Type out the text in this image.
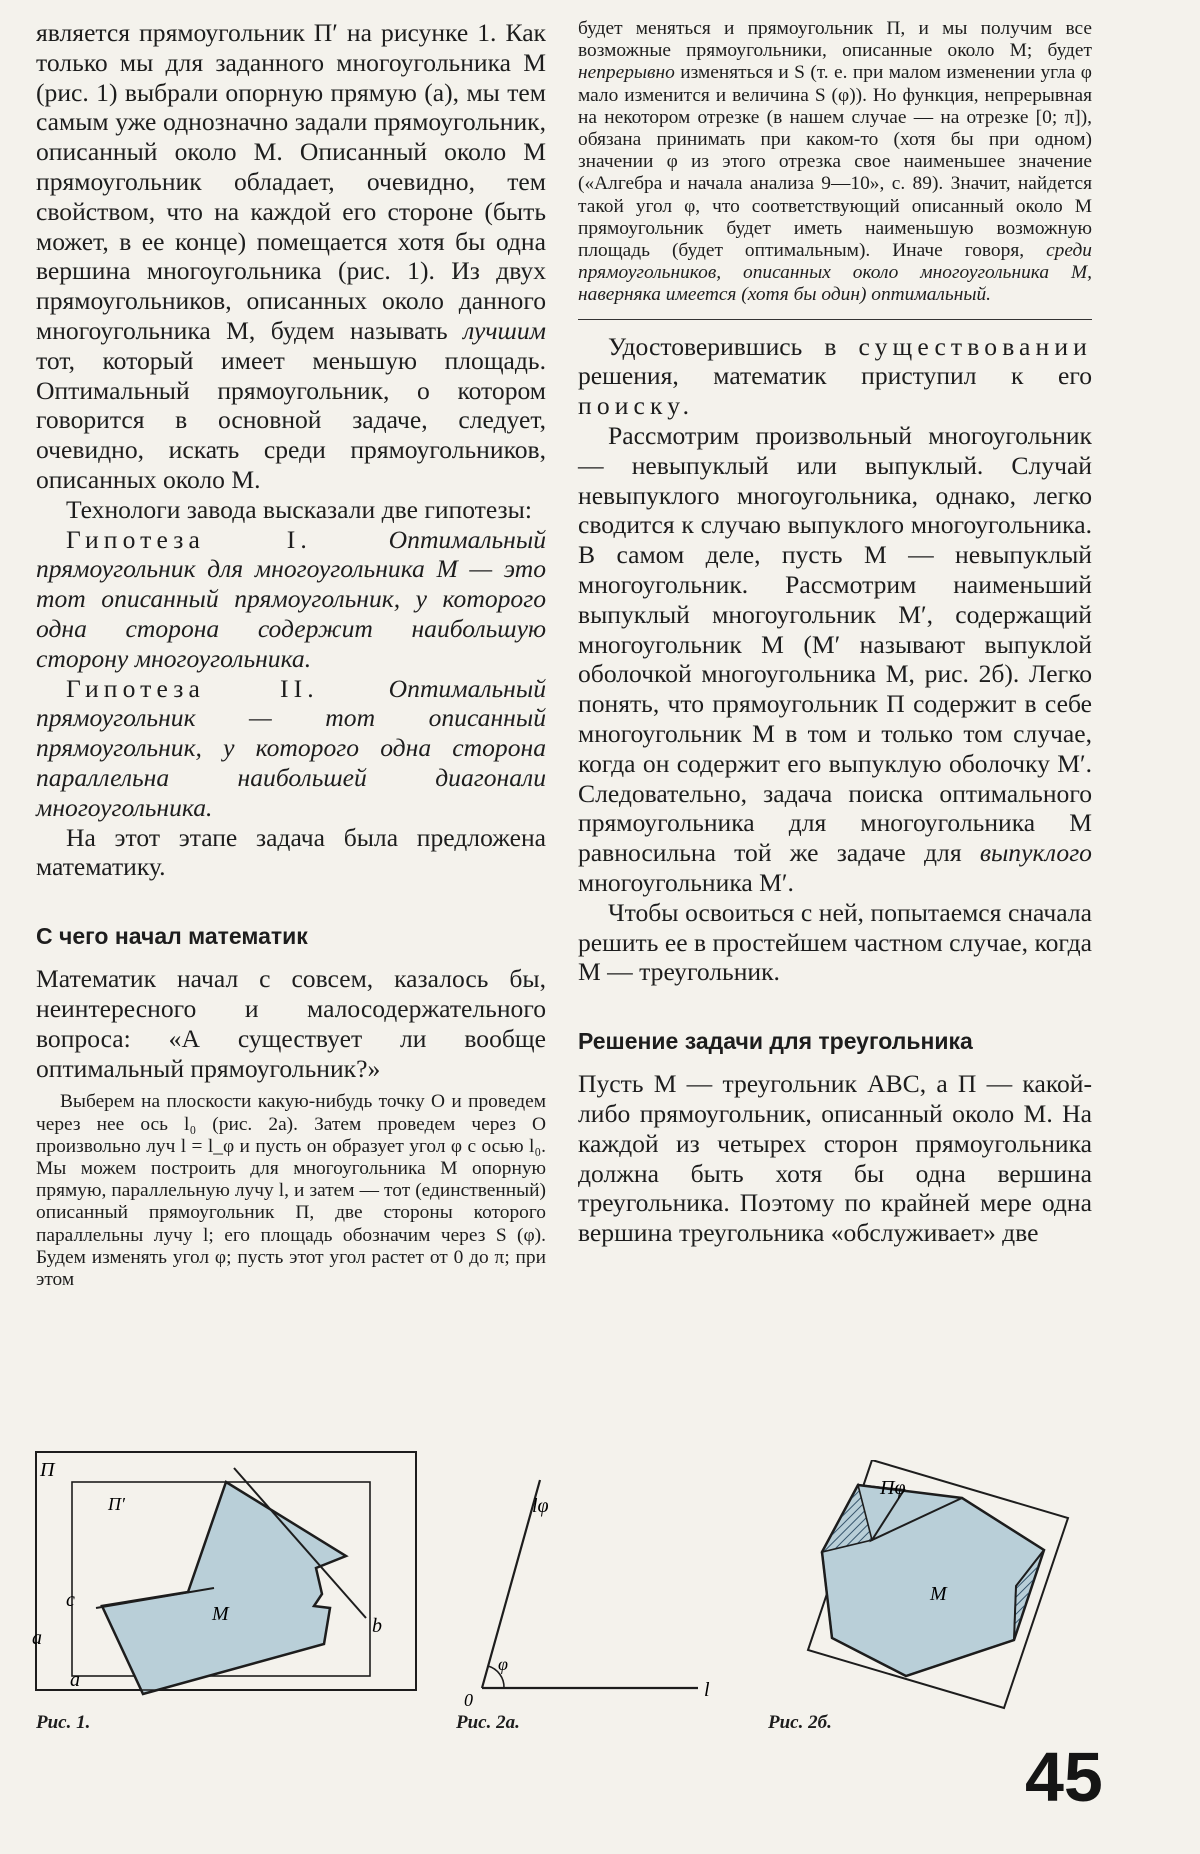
является прямоугольник П′ на рисунке 1. Как только мы для заданного многоугольника M (рис. 1) выбрали опорную прямую (a), мы тем самым уже однозначно задали прямоугольник, описанный около M. Описанный около M прямоугольник обладает, очевидно, тем свойством, что на каждой его стороне (быть может, в ее конце) помещается хотя бы одна вершина многоугольника (рис. 1). Из двух прямоугольников, описанных около данного многоугольника M, будем называть лучшим тот, который имеет меньшую площадь. Оптимальный прямоугольник, о котором говорится в основной задаче, следует, очевидно, искать среди прямоугольников, описанных около M.

Технологи завода высказали две гипотезы:

Гипотеза I.	Оптимальный прямоугольник для многоугольника M — это тот описанный прямоугольник, у которого одна сторона содержит наибольшую сторону многоугольника.

Гипотеза II.	Оптимальный прямоугольник — тот описанный прямоугольник, у которого одна сторона параллельна наибольшей диагонали многоугольника.

На этот этапе задача была предложена математику.

С чего начал математик

Математик начал с совсем, казалось бы, неинтересного и малосодержательного вопроса: «А существует ли вообще оптимальный прямоугольник?»

Выберем на плоскости какую-нибудь точку O и проведем через нее ось l₀ (рис. 2a). Затем проведем через O произвольно луч l = l_φ и пусть он образует угол φ с осью l₀. Мы можем построить для многоугольника M опорную прямую, параллельную лучу l, и затем — тот (единственный) описанный прямоугольник П, две стороны которого параллельны лучу l; его площадь обозначим через S (φ). Будем изменять угол φ; пусть этот угол растет от 0 до π; при этом

будет меняться и прямоугольник П, и мы получим все возможные прямоугольники, описанные около M; будет непрерывно изменяться и S (т. е. при малом изменении угла φ мало изменится и величина S (φ)). Но функция, непрерывная на некотором отрезке (в нашем случае — на отрезке [0; π]), обязана принимать при каком-то (хотя бы при одном) значении φ из этого отрезка свое наименьшее значение («Алгебра и начала анализа 9—10», с. 89). Значит, найдется такой угол φ, что соответствующий описанный около M прямоугольник будет иметь наименьшую возможную площадь (будет оптимальным). Иначе говоря, среди прямоугольников, описанных около многоугольника M, наверняка имеется (хотя бы один) оптимальный.

Удостоверившись в существовании решения, математик приступил к его поиску.

Рассмотрим произвольный многоугольник — невыпуклый или выпуклый. Случай невыпуклого многоугольника, однако, легко сводится к случаю выпуклого многоугольника. В самом деле, пусть M — невыпуклый многоугольник. Рассмотрим наименьший выпуклый многоугольник M′, содержащий многоугольник M (M′ называют выпуклой оболочкой многоугольника M, рис. 2б). Легко понять, что прямоугольник П содержит в себе многоугольник M в том и только том случае, когда он содержит его выпуклую оболочку M′. Следовательно, задача поиска оптимального прямоугольника для многоугольника M равносильна той же задаче для выпуклого многоугольника M′.

Чтобы освоиться с ней, попытаемся сначала решить ее в простейшем частном случае, когда M — треугольник.

Решение задачи для треугольника

Пусть M — треугольник ABC, а П — какой-либо прямоугольник, описанный около M. На каждой из четырех сторон прямоугольника должна быть хотя бы одна вершина треугольника. Поэтому по крайней мере одна вершина треугольника «обслуживает» две

П
П′
M
a
a
b
c
lφ
φ
0	l
Пφ
M
Рис. 1.	Рис. 2a.	Рис. 2б.
45
